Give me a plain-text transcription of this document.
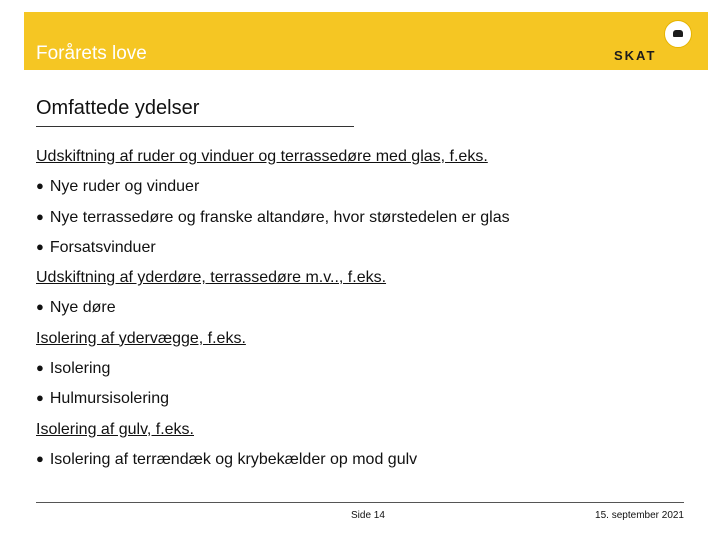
Forårets love	SKAT
Omfattede ydelser
Udskiftning af ruder og vinduer og terrassedøre med glas, f.eks.
● Nye ruder og vinduer
● Nye terrassedøre og franske altandøre, hvor størstedelen er glas
● Forsatsvinduer
Udskiftning af yderdøre, terrassedøre m.v.., f.eks.
● Nye døre
Isolering af ydervægge, f.eks.
● Isolering
● Hulmursisolering
Isolering af gulv, f.eks.
● Isolering af terrændæk og krybekælder op mod gulv
Side 14	15. september 2021
